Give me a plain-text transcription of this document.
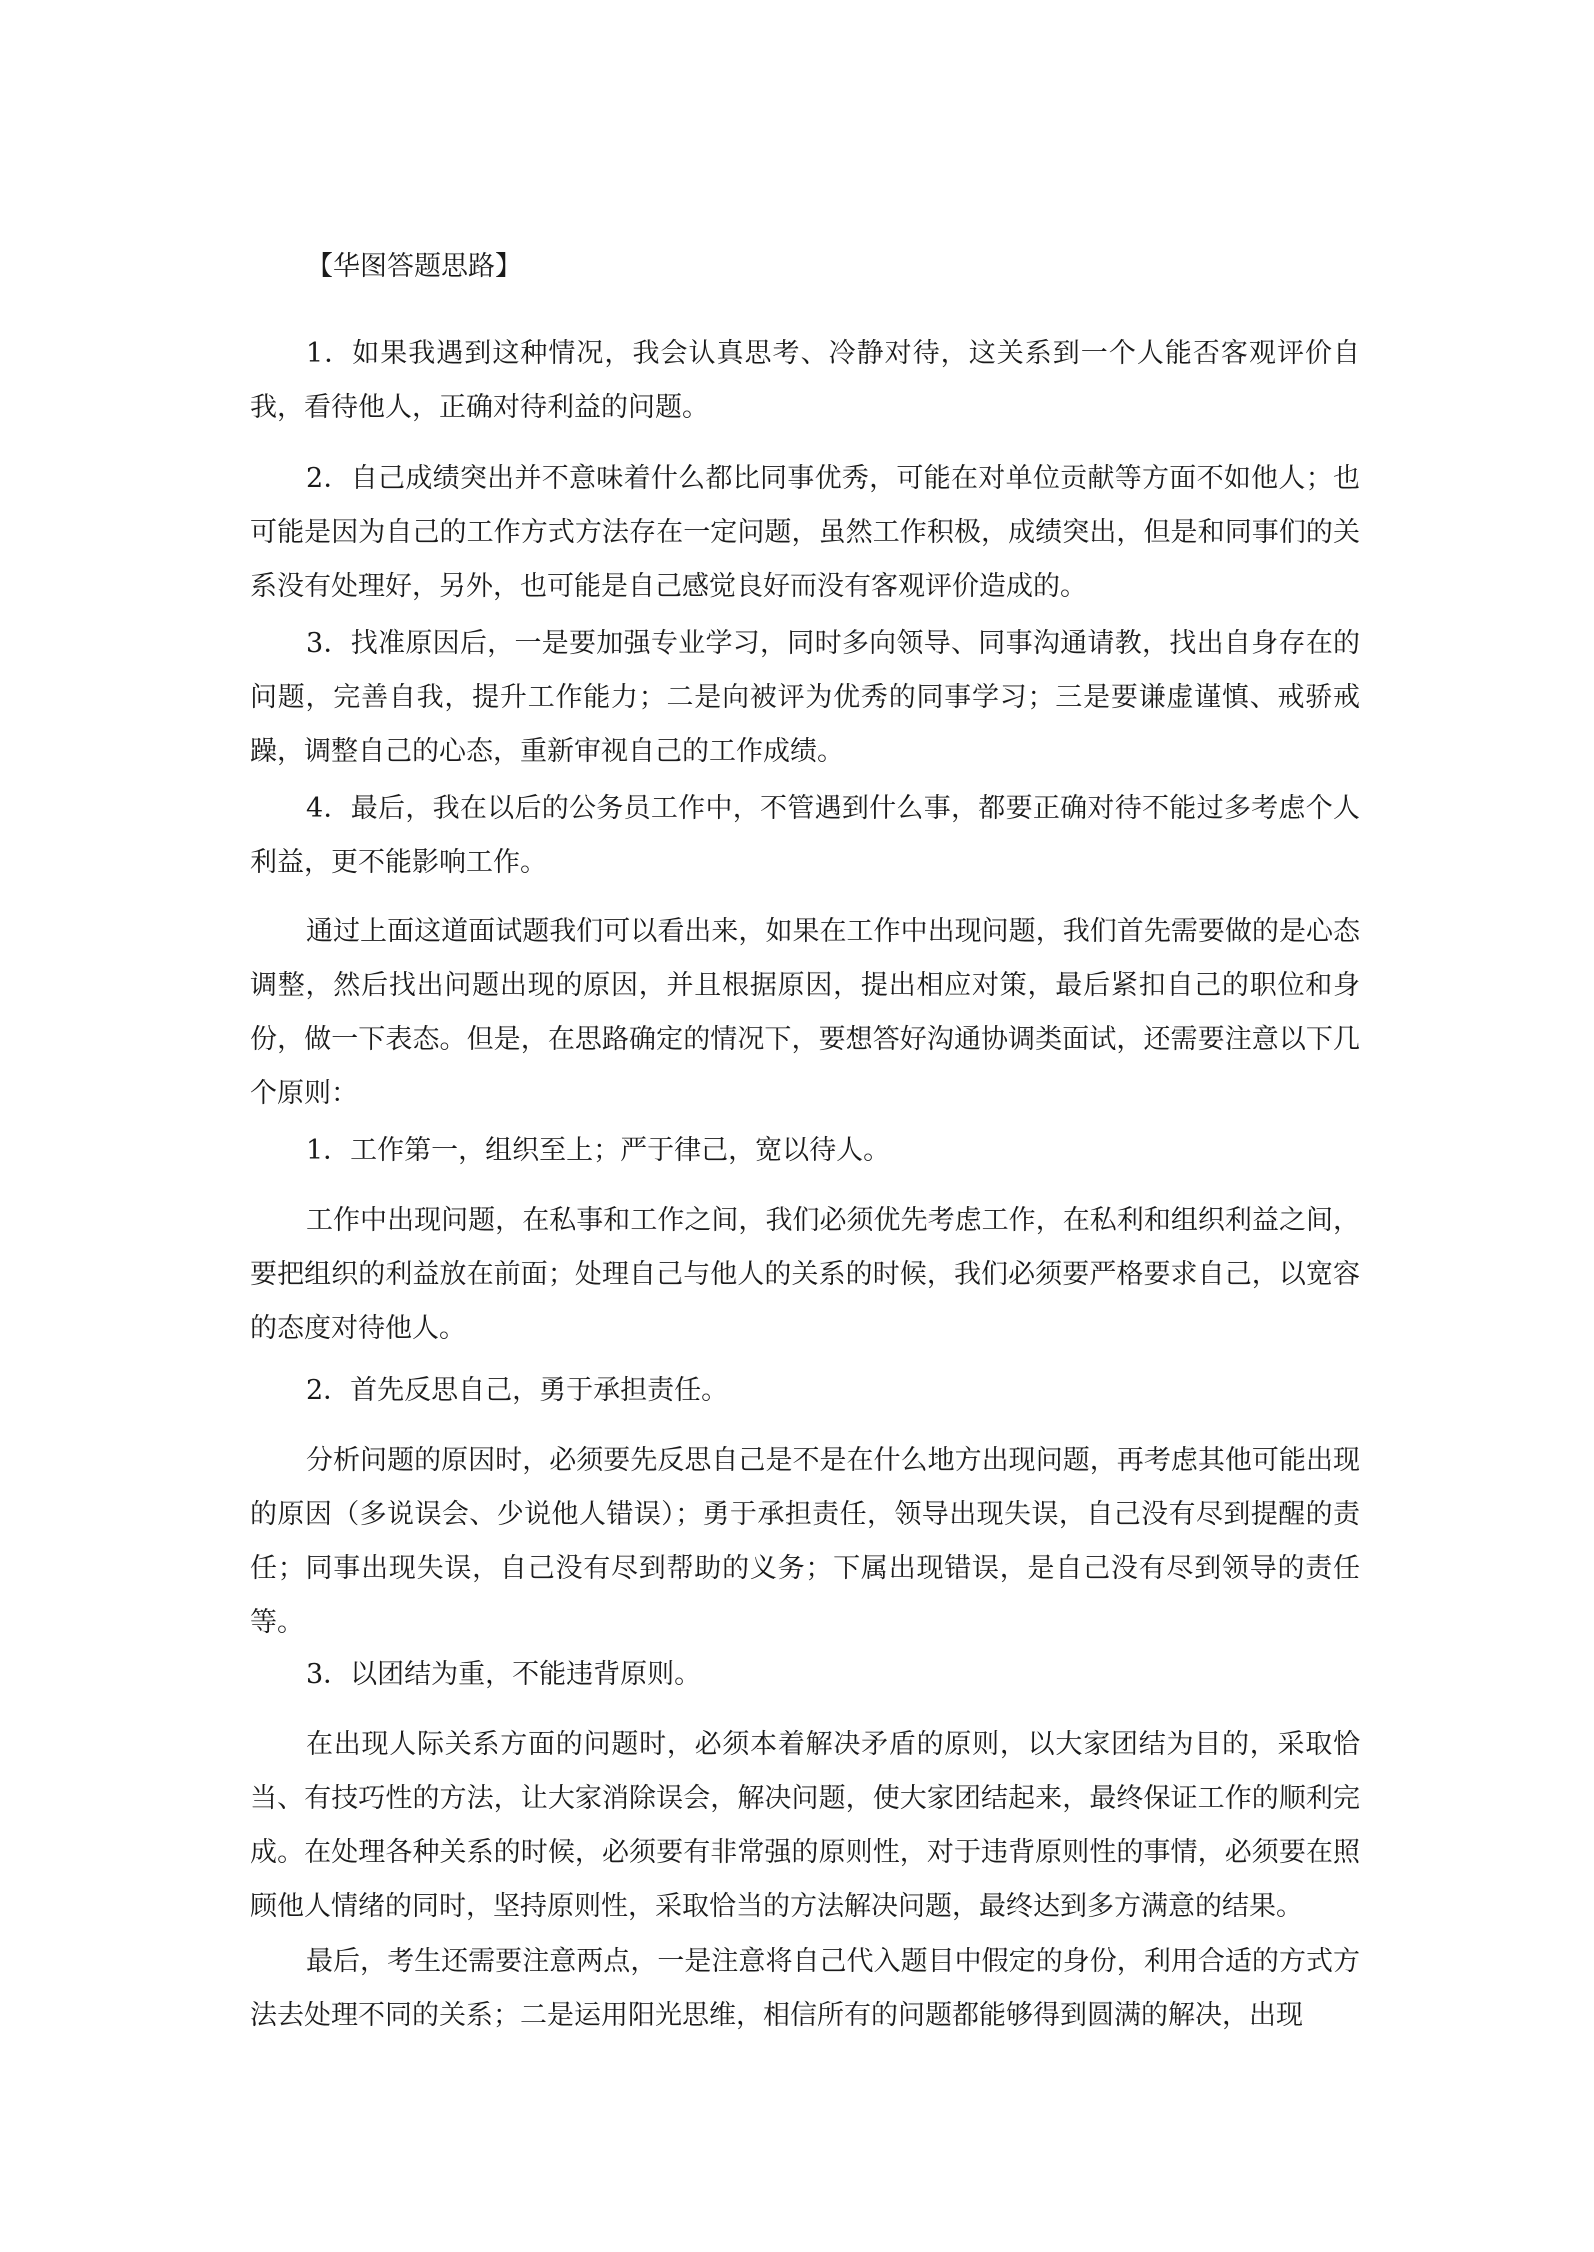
【华图答题思路】

1．如果我遇到这种情况，我会认真思考、冷静对待，这关系到一个人能否客观评价自我，看待他人，正确对待利益的问题。

2．自己成绩突出并不意味着什么都比同事优秀，可能在对单位贡献等方面不如他人；也可能是因为自己的工作方式方法存在一定问题，虽然工作积极，成绩突出，但是和同事们的关系没有处理好，另外，也可能是自己感觉良好而没有客观评价造成的。

3．找准原因后，一是要加强专业学习，同时多向领导、同事沟通请教，找出自身存在的问题，完善自我，提升工作能力；二是向被评为优秀的同事学习；三是要谦虚谨慎、戒骄戒躁，调整自己的心态，重新审视自己的工作成绩。

4．最后，我在以后的公务员工作中，不管遇到什么事，都要正确对待不能过多考虑个人利益，更不能影响工作。

通过上面这道面试题我们可以看出来，如果在工作中出现问题，我们首先需要做的是心态调整，然后找出问题出现的原因，并且根据原因，提出相应对策，最后紧扣自己的职位和身份，做一下表态。但是，在思路确定的情况下，要想答好沟通协调类面试，还需要注意以下几个原则：

1．工作第一，组织至上；严于律己，宽以待人。

工作中出现问题，在私事和工作之间，我们必须优先考虑工作，在私利和组织利益之间，要把组织的利益放在前面；处理自己与他人的关系的时候，我们必须要严格要求自己，以宽容的态度对待他人。

2．首先反思自己，勇于承担责任。

分析问题的原因时，必须要先反思自己是不是在什么地方出现问题，再考虑其他可能出现的原因（多说误会、少说他人错误）；勇于承担责任，领导出现失误，自己没有尽到提醒的责任；同事出现失误，自己没有尽到帮助的义务；下属出现错误，是自己没有尽到领导的责任等。

3．以团结为重，不能违背原则。

在出现人际关系方面的问题时，必须本着解决矛盾的原则，以大家团结为目的，采取恰当、有技巧性的方法，让大家消除误会，解决问题，使大家团结起来，最终保证工作的顺利完成。在处理各种关系的时候，必须要有非常强的原则性，对于违背原则性的事情，必须要在照顾他人情绪的同时，坚持原则性，采取恰当的方法解决问题，最终达到多方满意的结果。

最后，考生还需要注意两点，一是注意将自己代入题目中假定的身份，利用合适的方式方法去处理不同的关系；二是运用阳光思维，相信所有的问题都能够得到圆满的解决，出现
